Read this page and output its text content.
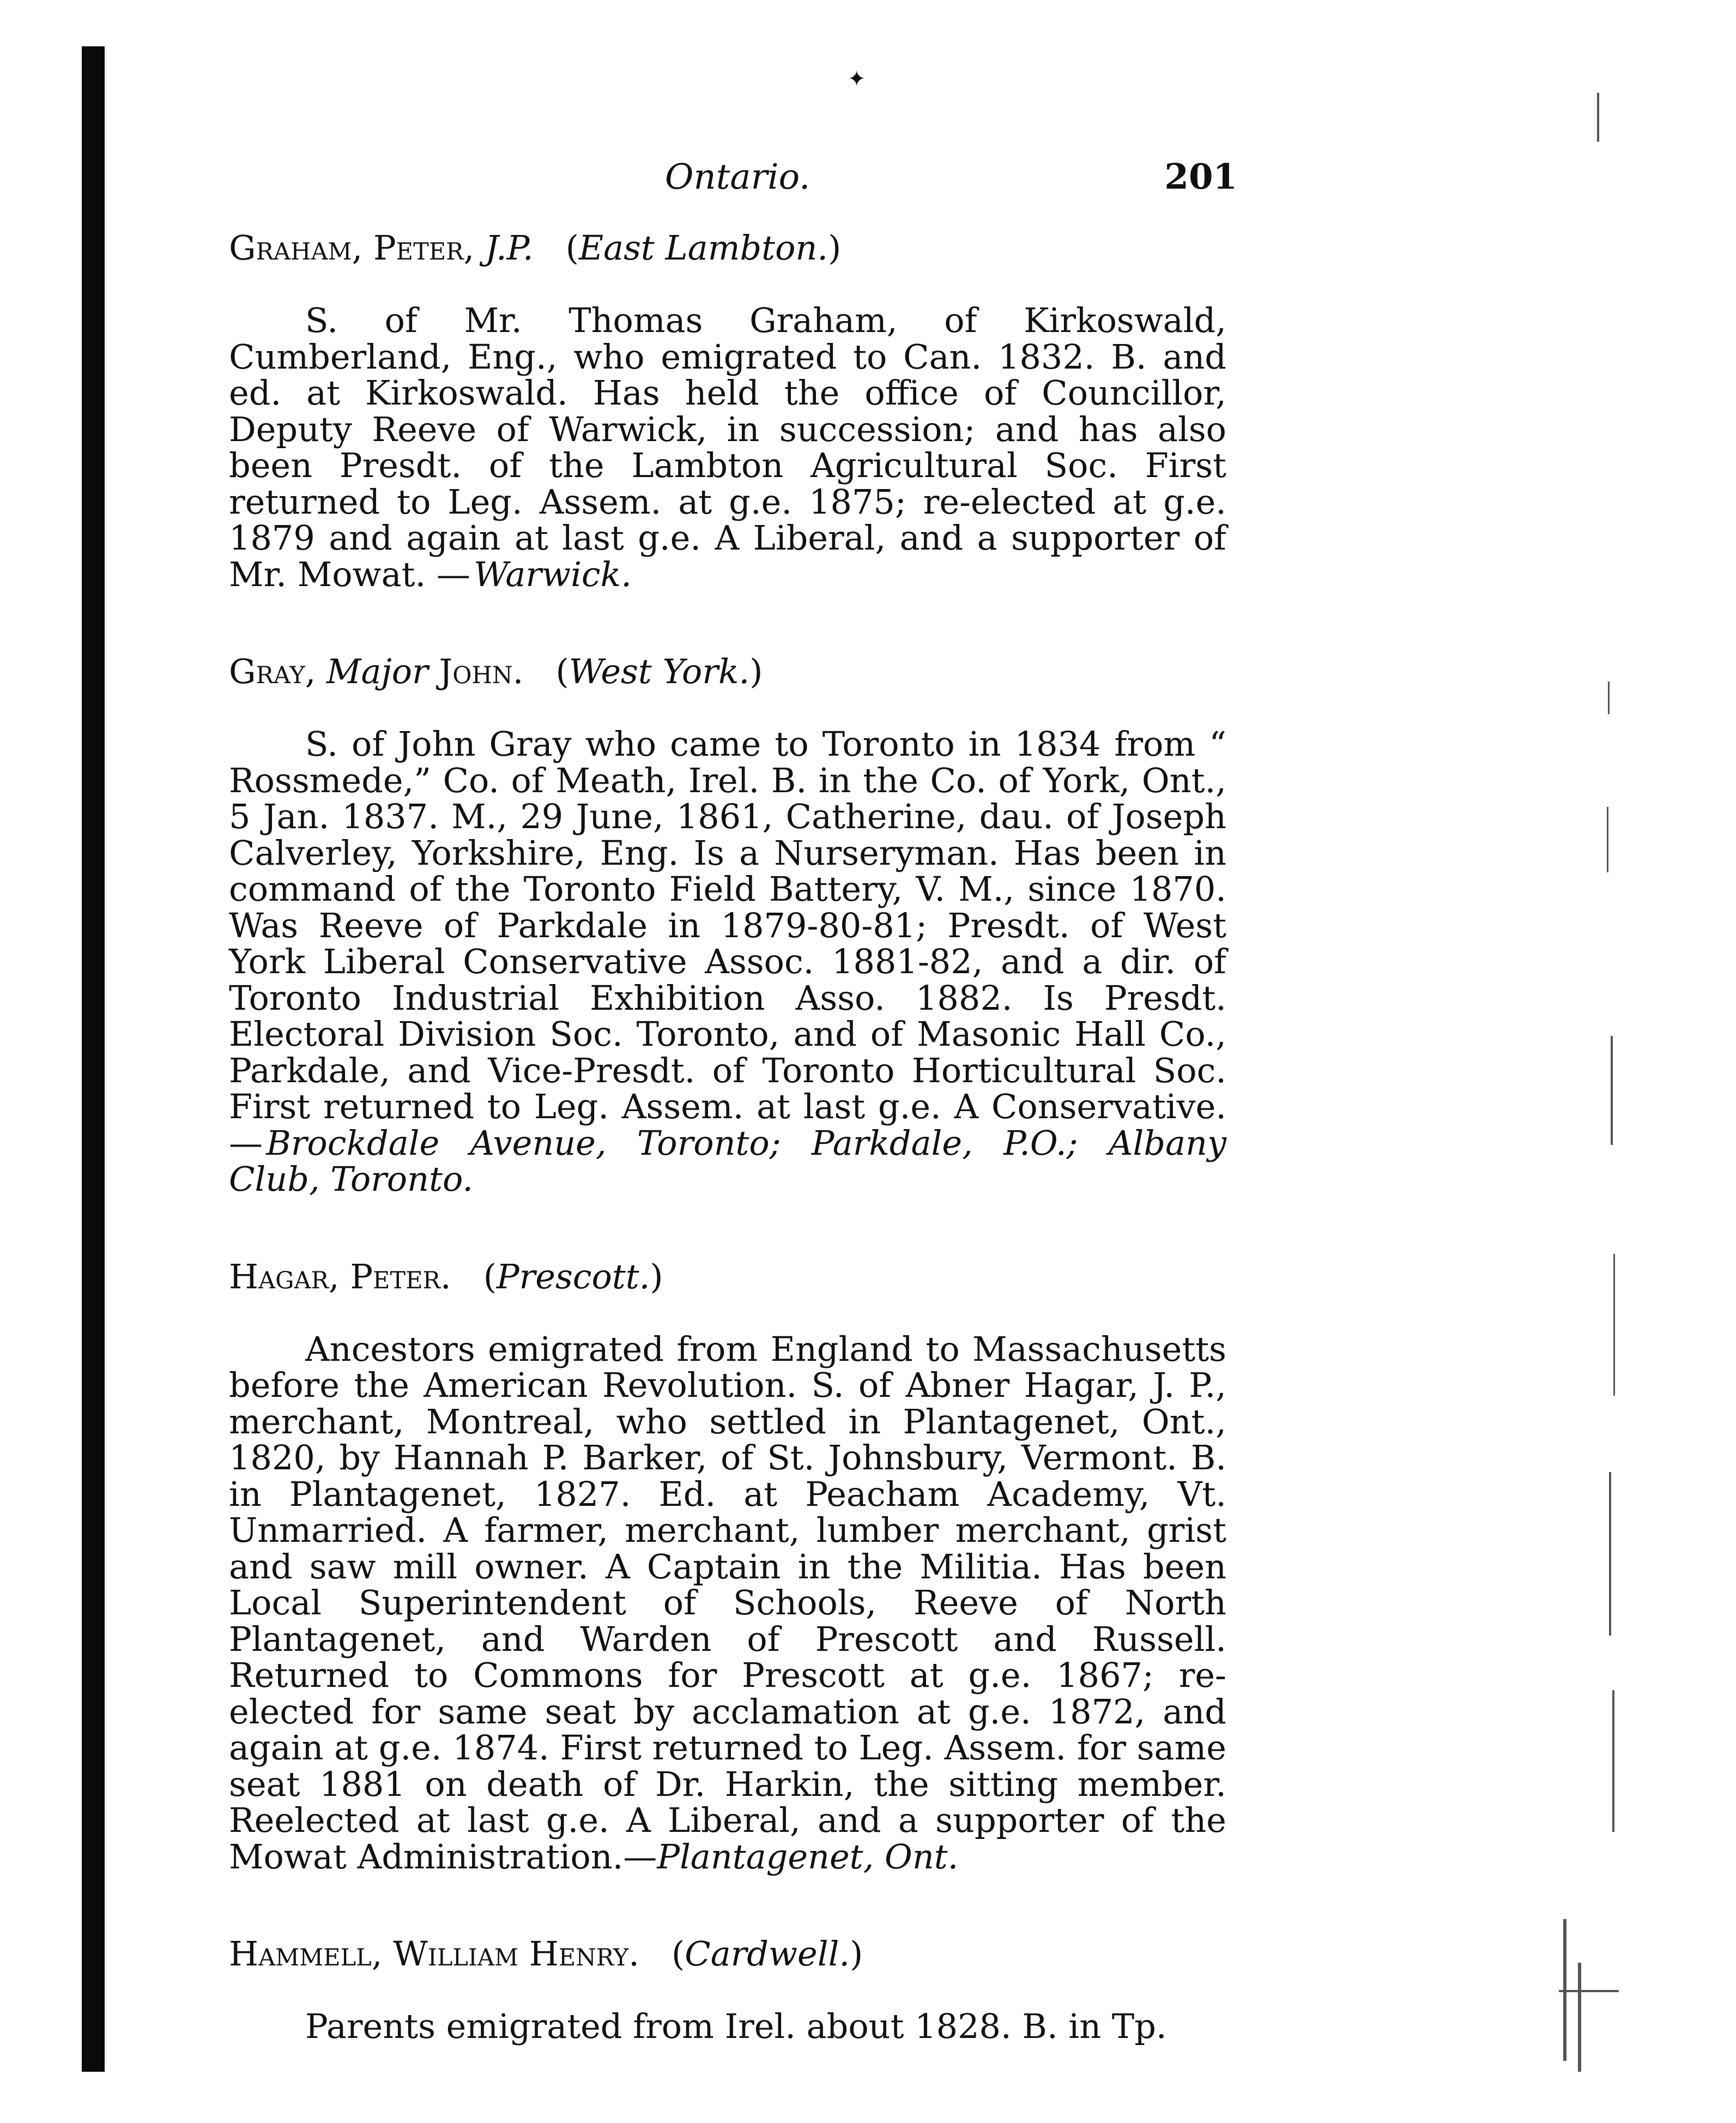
✦
Ontario.	201
Graham, Peter, J.P.   (East Lambton.)

S. of Mr. Thomas Graham, of Kirkoswald, Cumberland, Eng., who emigrated to Can. 1832. B. and ed. at Kirkoswald. Has held the office of Councillor, Deputy Reeve of Warwick, in succession; and has also been Presdt. of the Lambton Agricultural Soc. First returned to Leg. Assem. at g.e. 1875; re-elected at g.e. 1879 and again at last g.e. A Liberal, and a supporter of Mr. Mowat. — Warwick.

Gray, Major John.   (West York.)

S. of John Gray who came to Toronto in 1834 from “ Rossmede,” Co. of Meath, Irel. B. in the Co. of York, Ont., 5 Jan. 1837. M., 29 June, 1861, Catherine, dau. of Joseph Calverley, Yorkshire, Eng. Is a Nurseryman. Has been in command of the Toronto Field Battery, V. M., since 1870. Was Reeve of Parkdale in 1879-80-81; Presdt. of West York Liberal Conservative Assoc. 1881-82, and a dir. of Toronto Industrial Exhibition Asso. 1882. Is Presdt. Electoral Division Soc. Toronto, and of Masonic Hall Co., Parkdale, and Vice-Presdt. of Toronto Horticultural Soc. First returned to Leg. Assem. at last g.e. A Conservative. — Brockdale Avenue, Toronto; Parkdale, P.O.; Albany Club, Toronto.

Hagar, Peter.   (Prescott.)

Ancestors emigrated from England to Massachusetts before the American Revolution. S. of Abner Hagar, J. P., merchant, Montreal, who settled in Plantagenet, Ont., 1820, by Hannah P. Barker, of St. Johnsbury, Vermont. B. in Plantagenet, 1827. Ed. at Peacham Academy, Vt. Unmarried. A farmer, merchant, lumber merchant, grist and saw mill owner. A Captain in the Militia. Has been Local Superintendent of Schools, Reeve of North Plantagenet, and Warden of Prescott and Russell. Returned to Commons for Prescott at g.e. 1867; re-elected for same seat by acclamation at g.e. 1872, and again at g.e. 1874. First returned to Leg. Assem. for same seat 1881 on death of Dr. Harkin, the sitting member. Reelected at last g.e. A Liberal, and a supporter of the Mowat Administration.—Plantagenet, Ont.

Hammell, William Henry.   (Cardwell.)

Parents emigrated from Irel. about 1828. B. in Tp.
